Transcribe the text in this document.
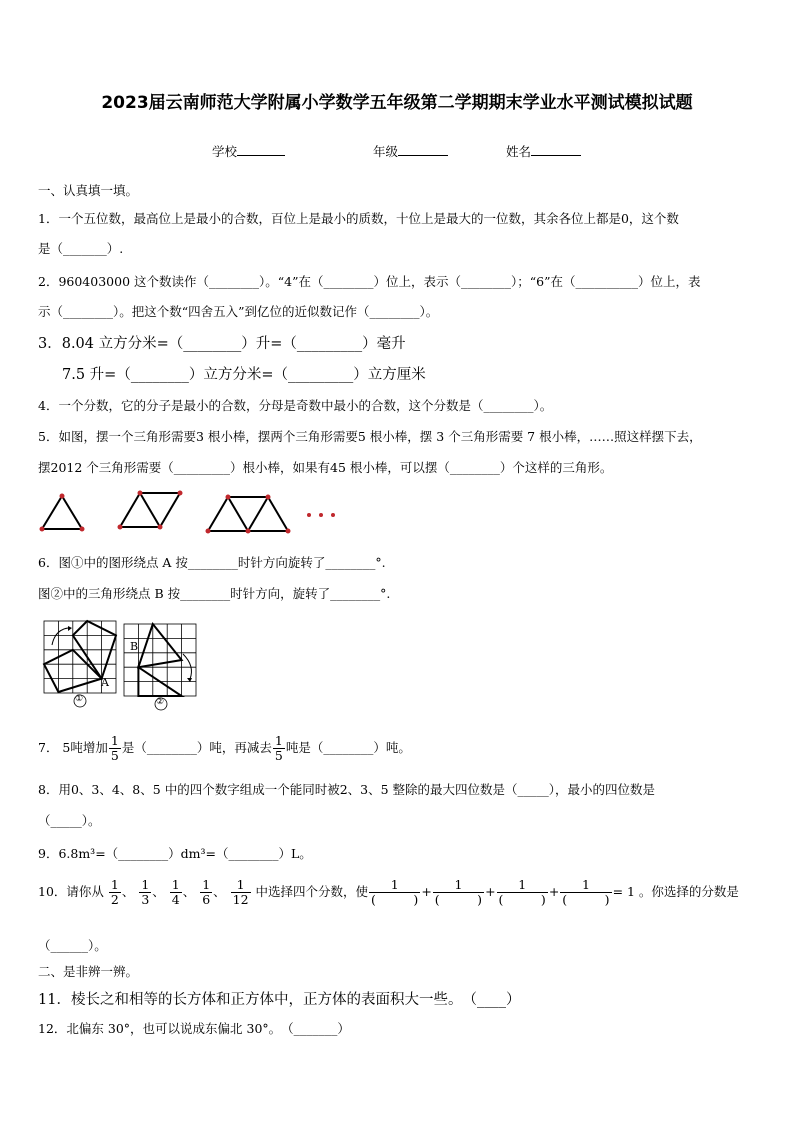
2023届云南师范大学附属小学数学五年级第二学期期末学业水平测试模拟试题
学校	年级	姓名
一、认真填一填。
1．一个五位数，最高位上是最小的合数，百位上是最小的质数，十位上是最大的一位数，其余各位上都是0，这个数
是（_______）.
2．960403000 这个数读作（________）。“4”在（________）位上，表示（________）；“6”在（__________）位上，表
示（________）。把这个数“四舍五入”到亿位的近似数记作（________）。
3．8.04 立方分米=（________）升=（_________）毫升
7.5 升=（________）立方分米=（_________）立方厘米
4．一个分数，它的分子是最小的合数，分母是奇数中最小的合数，这个分数是（________）。
5．如图，摆一个三角形需要3 根小棒，摆两个三角形需要5 根小棒，摆 3 个三角形需要 7 根小棒，……照这样摆下去，
摆2012 个三角形需要（_________）根小棒，如果有45 根小棒，可以摆（________）个这样的三角形。
6．图①中的图形绕点 A 按________时针方向旋转了________°.
图②中的三角形绕点 B 按________时针方向，旋转了________°.
A
B
①	②
7． 5吨增加 $\frac{1}{5}$ 是（________）吨，再减去 $\frac{1}{5}$ 吨是（________）吨。
8．用0、3、4、8、5 中的四个数字组成一个能同时被2、3、5 整除的最大四位数是（_____），最小的四位数是
（_____）。
9．6.8m³=（________）dm³=（________）L。
10．请你从 $\frac{1}{2}$ 、 $\frac{1}{3}$ 、 $\frac{1}{4}$ 、 $\frac{1}{6}$ 、 $\frac{1}{12}$ 中选择四个分数，使 $\frac{1}{( )} + \frac{1}{( )} + \frac{1}{( )} + \frac{1}{( )} = 1$ 。你选择的分数是
（______）。
二、是非辨一辨。
11．棱长之和相等的长方体和正方体中，正方体的表面积大一些。　（____）
12．北偏东 30°，也可以说成东偏北 30°。　（_______）
